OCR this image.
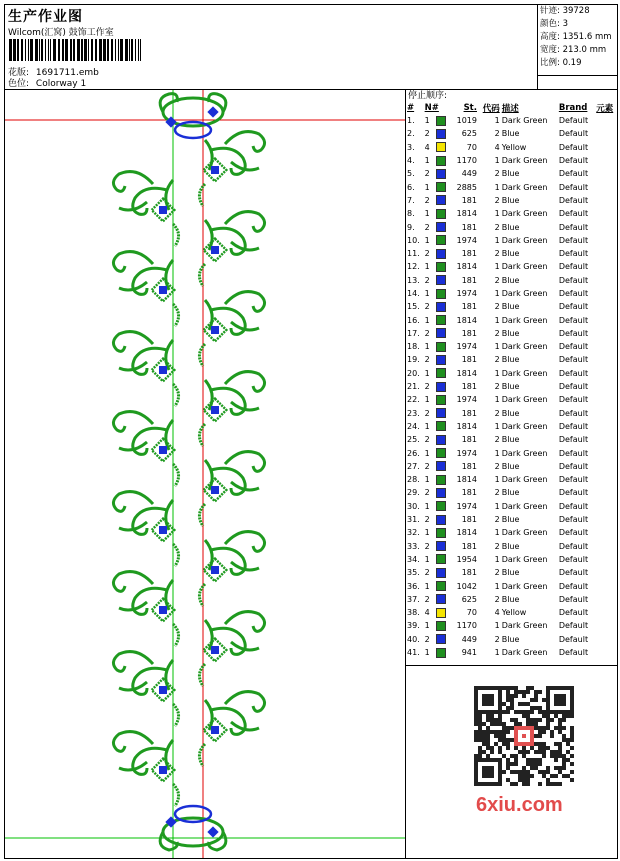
生产作业图
Wilcom(汇窝) 鼓饰工作室
花版: 1691711.emb
色位: Colorway 1
针迹: 39728
颜色: 3
高度: 1351.6 mm
宽度: 213.0 mm
比例: 0.19
停止顺序:
#	N#	St.	代码	描述	Brand	元素
1.	1	1019	1	Dark Green	Default	
2.	2	625	2	Blue	Default	
3.	4	70	4	Yellow	Default	
4.	1	1170	1	Dark Green	Default	
5.	2	449	2	Blue	Default	
6.	1	2885	1	Dark Green	Default	
7.	2	181	2	Blue	Default	
8.	1	1814	1	Dark Green	Default	
9.	2	181	2	Blue	Default	
10.	1	1974	1	Dark Green	Default	
11.	2	181	2	Blue	Default	
12.	1	1814	1	Dark Green	Default	
13.	2	181	2	Blue	Default	
14.	1	1974	1	Dark Green	Default	
15.	2	181	2	Blue	Default	
16.	1	1814	1	Dark Green	Default	
17.	2	181	2	Blue	Default	
18.	1	1974	1	Dark Green	Default	
19.	2	181	2	Blue	Default	
20.	1	1814	1	Dark Green	Default	
21.	2	181	2	Blue	Default	
22.	1	1974	1	Dark Green	Default	
23.	2	181	2	Blue	Default	
24.	1	1814	1	Dark Green	Default	
25.	2	181	2	Blue	Default	
26.	1	1974	1	Dark Green	Default	
27.	2	181	2	Blue	Default	
28.	1	1814	1	Dark Green	Default	
29.	2	181	2	Blue	Default	
30.	1	1974	1	Dark Green	Default	
31.	2	181	2	Blue	Default	
32.	1	1814	1	Dark Green	Default	
33.	2	181	2	Blue	Default	
34.	1	1954	1	Dark Green	Default	
35.	2	181	2	Blue	Default	
36.	1	1042	1	Dark Green	Default	
37.	2	625	2	Blue	Default	
38.	4	70	4	Yellow	Default	
39.	1	1170	1	Dark Green	Default	
40.	2	449	2	Blue	Default	
41.	1	941	1	Dark Green	Default	
6xiu.com
